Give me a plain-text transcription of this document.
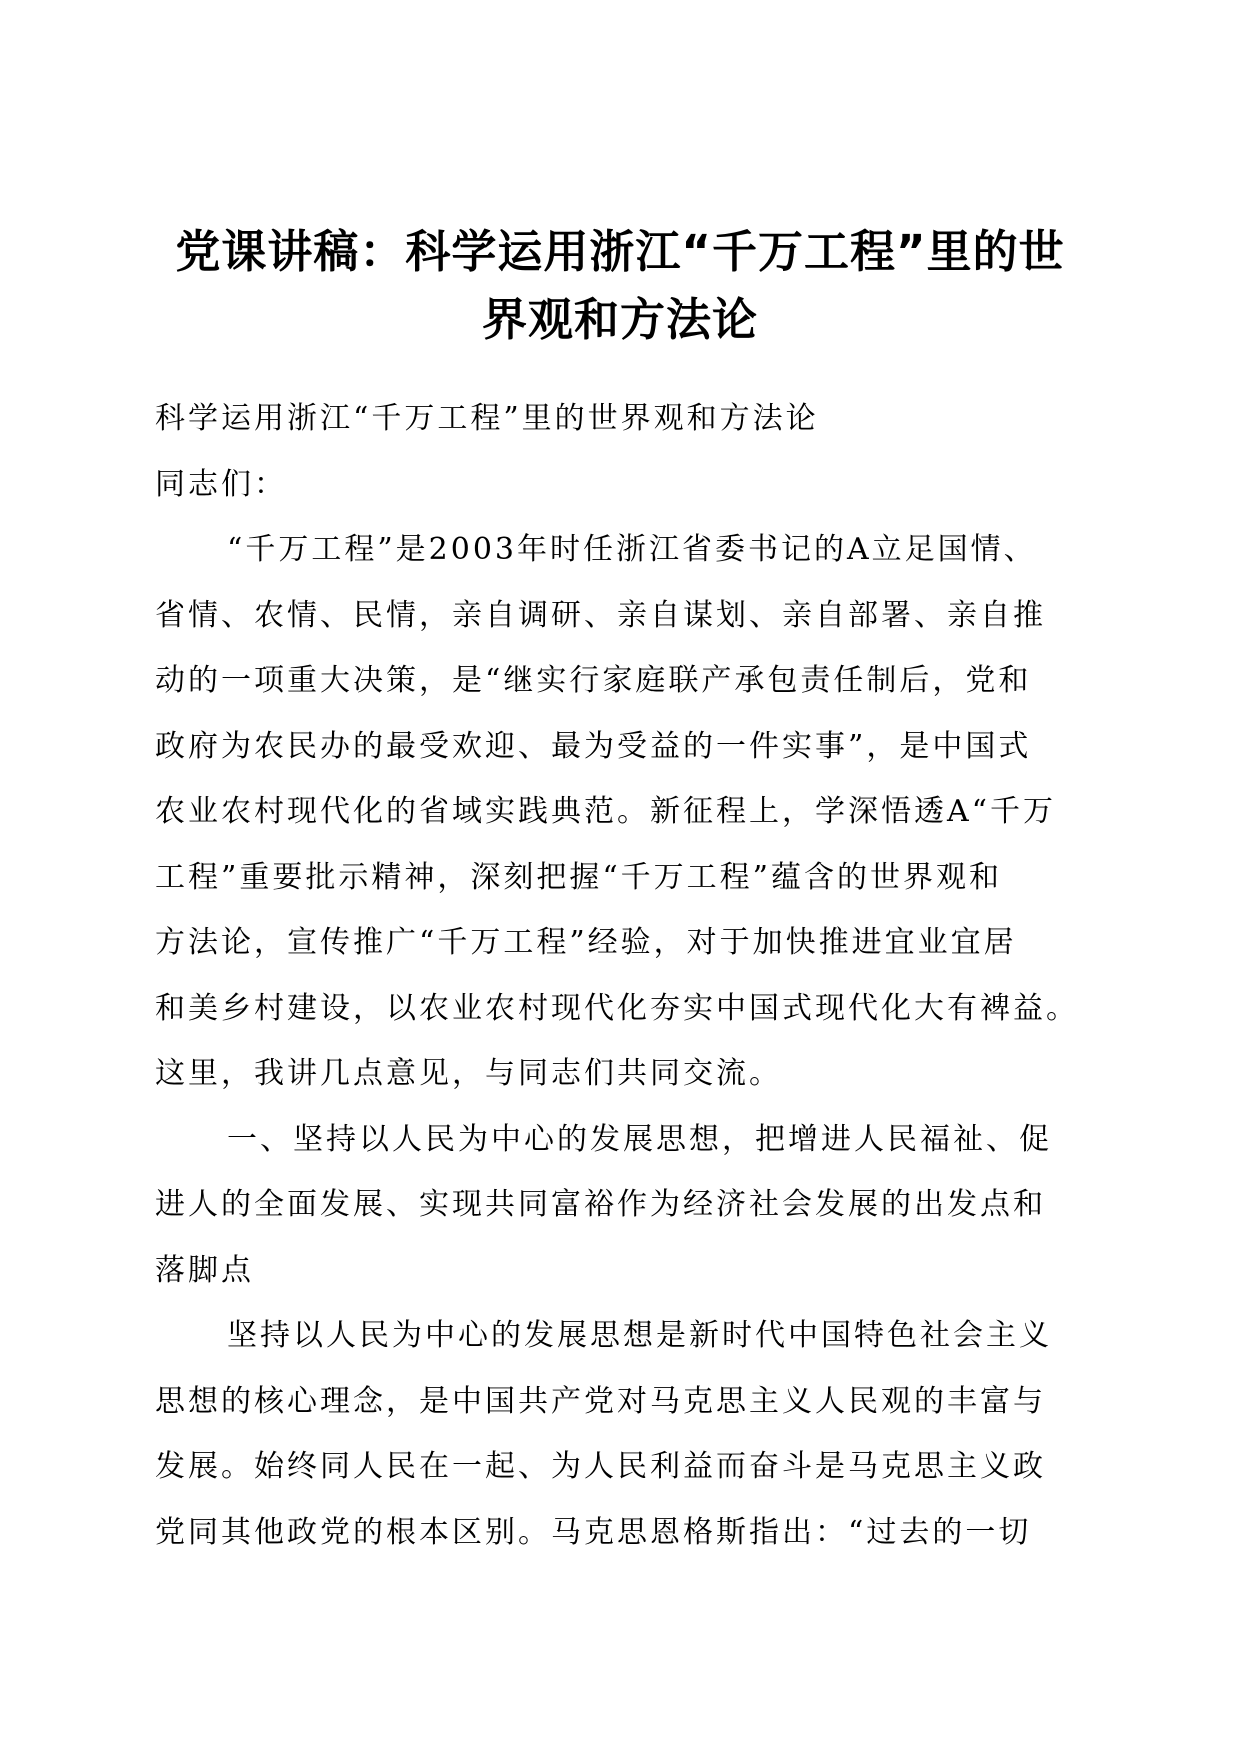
党课讲稿：科学运用浙江“千万工程”里的世
界观和方法论
科学运用浙江“千万工程”里的世界观和方法论
同志们：
“千万工程”是2003年时任浙江省委书记的A立足国情、
省情、农情、民情，亲自调研、亲自谋划、亲自部署、亲自推
动的一项重大决策，是“继实行家庭联产承包责任制后，党和
政府为农民办的最受欢迎、最为受益的一件实事”，是中国式
农业农村现代化的省域实践典范。新征程上，学深悟透A“千万
工程”重要批示精神，深刻把握“千万工程”蕴含的世界观和
方法论，宣传推广“千万工程”经验，对于加快推进宜业宜居
和美乡村建设，以农业农村现代化夯实中国式现代化大有裨益。
这里，我讲几点意见，与同志们共同交流。
一、坚持以人民为中心的发展思想，把增进人民福祉、促
进人的全面发展、实现共同富裕作为经济社会发展的出发点和
落脚点
坚持以人民为中心的发展思想是新时代中国特色社会主义
思想的核心理念，是中国共产党对马克思主义人民观的丰富与
发展。始终同人民在一起、为人民利益而奋斗是马克思主义政
党同其他政党的根本区别。马克思恩格斯指出：“过去的一切
